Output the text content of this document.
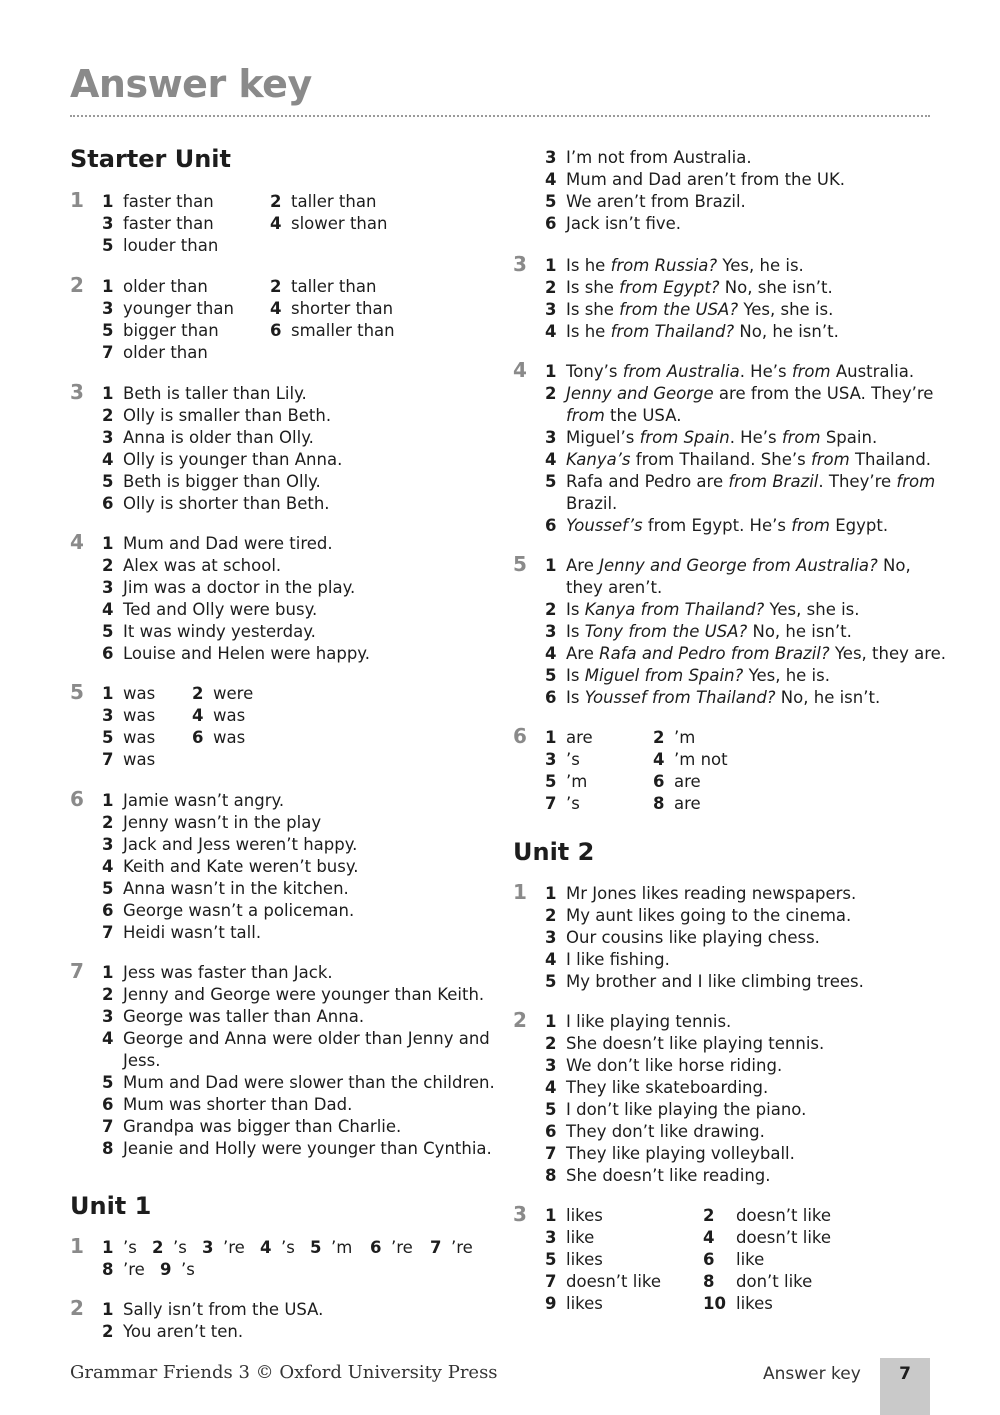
Answer key
Starter Unit
1 1 faster than	2 taller than
3 faster than	4 slower than
5 louder than
2 1 older than	2 taller than
3 younger than 4 shorter than
5 bigger than	6 smaller than
7 older than
3 1 Beth is taller than Lily.
2 Olly is smaller than Beth.
3 Anna is older than Olly.
4 Olly is younger than Anna.
5 Beth is bigger than Olly.
6 Olly is shorter than Beth.
4 1 Mum and Dad were tired.
2 Alex was at school.
3 Jim was a doctor in the play.
4 Ted and Olly were busy.
5 It was windy yesterday.
6 Louise and Helen were happy.
5 1 was 2 were
3 was 4 was
5 was 6 was
7 was
6 1 Jamie wasn’t angry.
2 Jenny wasn’t in the play
3 Jack and Jess weren’t happy.
4 Keith and Kate weren’t busy.
5 Anna wasn’t in the kitchen.
6 George wasn’t a policeman.
7 Heidi wasn’t tall.
7 1 Jess was faster than Jack.
2 Jenny and George were younger than Keith.
3 George was taller than Anna.
4 George and Anna were older than Jenny and Jess.
5 Mum and Dad were slower than the children.
6 Mum was shorter than Dad.
7 Grandpa was bigger than Charlie.
8 Jeanie and Holly were younger than Cynthia.
Unit 1
1 1 ’s 2 ’s 3 ’re 4 ’s 5 ’m 6 ’re 7 ’re
8 ’re 9 ’s
2 1 Sally isn’t from the USA.
2 You aren’t ten.
3 I’m not from Australia.
4 Mum and Dad aren’t from the UK.
5 We aren’t from Brazil.
6 Jack isn’t five.
3 1 Is he from Russia? Yes, he is.
2 Is she from Egypt? No, she isn’t.
3 Is she from the USA? Yes, she is.
4 Is he from Thailand? No, he isn’t.
4 1 Tony’s from Australia. He’s from Australia.
2 Jenny and George are from the USA. They’re from the USA.
3 Miguel’s from Spain. He’s from Spain.
4 Kanya’s from Thailand. She’s from Thailand.
5 Rafa and Pedro are from Brazil. They’re from Brazil.
6 Youssef’s from Egypt. He’s from Egypt.
5 1 Are Jenny and George from Australia? No, they aren’t.
2 Is Kanya from Thailand? Yes, she is.
3 Is Tony from the USA? No, he isn’t.
4 Are Rafa and Pedro from Brazil? Yes, they are.
5 Is Miguel from Spain? Yes, he is.
6 Is Youssef from Thailand? No, he isn’t.
6 1 are	2 ’m
3 ’s	4 ’m not
5 ’m	6 are
7 ’s	8 are
Unit 2
1 1 Mr Jones likes reading newspapers.
2 My aunt likes going to the cinema.
3 Our cousins like playing chess.
4 I like fishing.
5 My brother and I like climbing trees.
2 1 I like playing tennis.
2 She doesn’t like playing tennis.
3 We don’t like horse riding.
4 They like skateboarding.
5 I don’t like playing the piano.
6 They don’t like drawing.
7 They like playing volleyball.
8 She doesn’t like reading.
3 1 likes	2	doesn’t like
3 like	4	doesn’t like
5 likes	6	like
7 doesn’t like	8	don’t like
9 likes	10 likes
Grammar Friends 3 © Oxford University Press	Answer key	7
